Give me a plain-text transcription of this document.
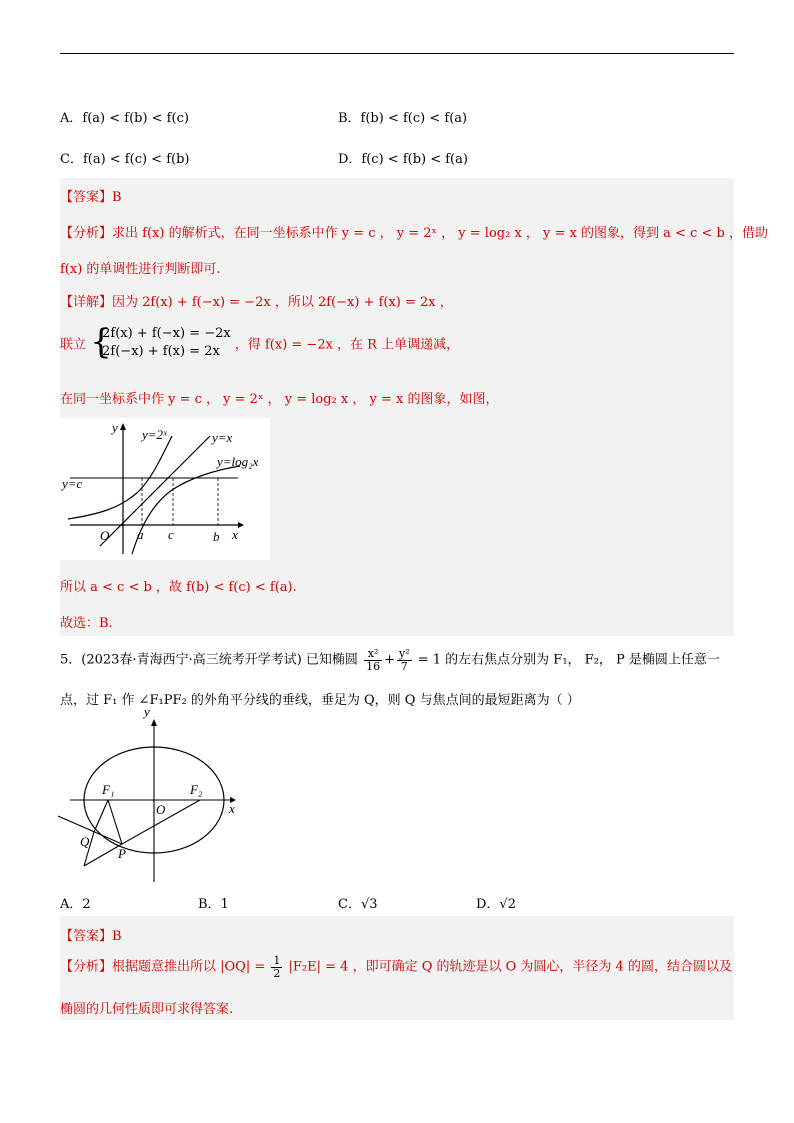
A．f(a) < f(b) < f(c)	B．f(b) < f(c) < f(a)
C．f(a) < f(c) < f(b)	D．f(c) < f(b) < f(a)
【答案】B
【分析】求出 f(x) 的解析式，在同一坐标系中作 y = c ， y = 2ˣ ， y = log₂ x ， y = x 的图象，得到 a < c < b ，借助
f(x) 的单调性进行判断即可.
【详解】因为 2f(x) + f(−x) = −2x ，所以 2f(−x) + f(x) = 2x ，
联立 {
2f(x) + f(−x) = −2x
2f(−x) + f(x) = 2x	，得 f(x) = −2x ，在 R 上单调递减，
在同一坐标系中作 y = c ， y = 2ˣ ， y = log₂ x ， y = x 的图象，如图，
y
x
O
y=2ˣ	y=x
y=log₂x
y=c
a c	b
所以 a < c < b ，故 f(b) < f(c) < f(a).
故选：B.
5．(2023春·青海西宁·高三统考开学考试) 已知椭圆 $\frac{\text{x²}}{16} + \frac{\text{y²}}{7} = 1$ 的左右焦点分别为 F₁， F₂， P 是椭圆上任意一
点，过 F₁ 作 ∠F₁PF₂ 的外角平分线的垂线，垂足为 Q，则 Q 与焦点间的最短距离为（ ）
y
x
O
F₁	F₂
Q
P
A．2	B．1	C．√3	D．√2
【答案】B
【分析】根据题意推出所以 $|OQ| = \frac{1}{2} |F_2E| = 4$ ，即可确定 Q 的轨迹是以 O 为圆心，半径为 4 的圆，结合圆以及
椭圆的几何性质即可求得答案.
